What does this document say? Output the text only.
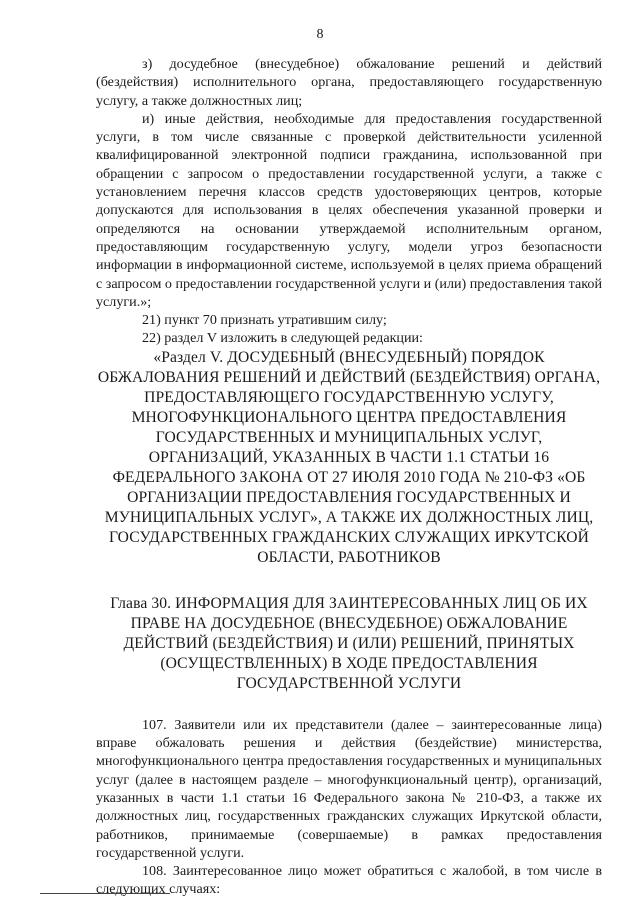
8

з) досудебное (внесудебное) обжалование решений и действий (бездействия) исполнительного органа, предоставляющего государственную услугу, а также должностных лиц;

и) иные действия, необходимые для предоставления государственной услуги, в том числе связанные с проверкой действительности усиленной квалифицированной электронной подписи гражданина, использованной при обращении с запросом о предоставлении государственной услуги, а также с установлением перечня классов средств удостоверяющих центров, которые допускаются для использования в целях обеспечения указанной проверки и определяются на основании утверждаемой исполнительным органом, предоставляющим государственную услугу, модели угроз безопасности информации в информационной системе, используемой в целях приема обращений с запросом о предоставлении государственной услуги и (или) предоставления такой услуги.»;

21) пункт 70 признать утратившим силу;

22) раздел V изложить в следующей редакции:

«Раздел V. ДОСУДЕБНЫЙ (ВНЕСУДЕБНЫЙ) ПОРЯДОК
ОБЖАЛОВАНИЯ РЕШЕНИЙ И ДЕЙСТВИЙ (БЕЗДЕЙСТВИЯ) ОРГАНА, ПРЕДОСТАВЛЯЮЩЕГО ГОСУДАРСТВЕННУЮ УСЛУГУ, МНОГОФУНКЦИОНАЛЬНОГО ЦЕНТРА ПРЕДОСТАВЛЕНИЯ ГОСУДАРСТВЕННЫХ И МУНИЦИПАЛЬНЫХ УСЛУГ, ОРГАНИЗАЦИЙ, УКАЗАННЫХ В ЧАСТИ 1.1 СТАТЬИ 16 ФЕДЕРАЛЬНОГО ЗАКОНА ОТ 27 ИЮЛЯ 2010 ГОДА № 210-ФЗ «ОБ ОРГАНИЗАЦИИ ПРЕДОСТАВЛЕНИЯ ГОСУДАРСТВЕННЫХ И МУНИЦИПАЛЬНЫХ УСЛУГ», А ТАКЖЕ ИХ ДОЛЖНОСТНЫХ ЛИЦ, ГОСУДАРСТВЕННЫХ ГРАЖДАНСКИХ СЛУЖАЩИХ ИРКУТСКОЙ ОБЛАСТИ, РАБОТНИКОВ

Глава 30. ИНФОРМАЦИЯ ДЛЯ ЗАИНТЕРЕСОВАННЫХ ЛИЦ ОБ ИХ ПРАВЕ НА ДОСУДЕБНОЕ (ВНЕСУДЕБНОЕ) ОБЖАЛОВАНИЕ ДЕЙСТВИЙ (БЕЗДЕЙСТВИЯ) И (ИЛИ) РЕШЕНИЙ, ПРИНЯТЫХ (ОСУЩЕСТВЛЕННЫХ) В ХОДЕ ПРЕДОСТАВЛЕНИЯ ГОСУДАРСТВЕННОЙ УСЛУГИ

107. Заявители или их представители (далее – заинтересованные лица) вправе обжаловать решения и действия (бездействие) министерства, многофункционального центра предоставления государственных и муниципальных услуг (далее в настоящем разделе – многофункциональный центр), организаций, указанных в части 1.1 статьи 16 Федерального закона № 210-ФЗ, а также их должностных лиц, государственных гражданских служащих Иркутской области, работников, принимаемые (совершаемые) в рамках предоставления государственной услуги.

108. Заинтересованное лицо может обратиться с жалобой, в том числе в следующих случаях:
